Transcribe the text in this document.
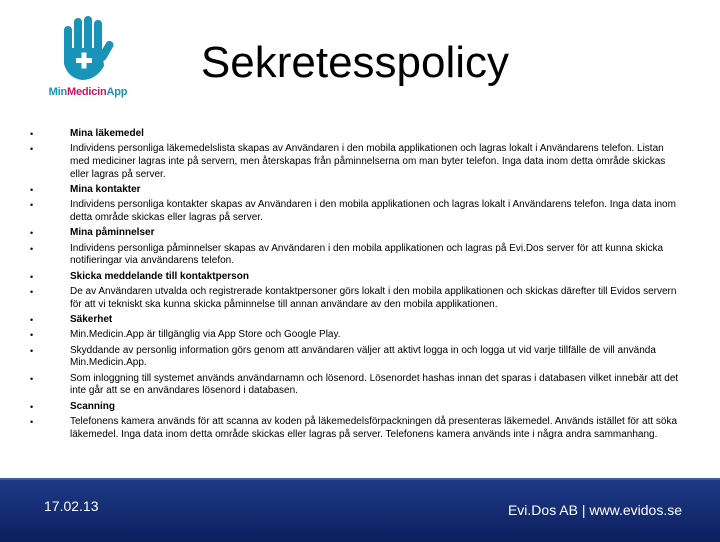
MinMedicinApp
Sekretesspolicy
•	Mina läkemedel
•	Individens personliga läkemedelslista skapas av Användaren i den mobila applikationen och lagras lokalt i Användarens telefon. Listan med mediciner lagras inte på servern, men återskapas från påminnelserna om man byter telefon. Inga data inom detta område skickas eller lagras på server.
•	Mina kontakter
•	Individens personliga kontakter skapas av Användaren i den mobila applikationen och lagras lokalt i Användarens telefon. Inga data inom detta område skickas eller lagras på server.
•	Mina påminnelser
•	Individens personliga påminnelser skapas av Användaren i den mobila applikationen och lagras på Evi.Dos server för att kunna skicka notifieringar via användarens telefon.
•	Skicka meddelande till kontaktperson
•	De av Användaren utvalda och registrerade kontaktpersoner görs lokalt i den mobila applikationen och skickas därefter till Evidos servern för att vi tekniskt ska kunna skicka påminnelse till annan användare av den mobila applikationen.
•	Säkerhet
•	Min.Medicin.App är tillgänglig via App Store och Google Play.
•	Skyddande av personlig information görs genom att användaren väljer att aktivt logga in och logga ut vid varje tillfälle de vill använda Min.Medicin.App.
•	Som inloggning till systemet används användarnamn och lösenord. Lösenordet hashas innan det sparas i databasen vilket innebär att det inte går att se en användares lösenord i databasen.
•	Scanning
•	Telefonens kamera används för att scanna av koden på läkemedelsförpackningen då presenteras läkemedel. Används istället för att söka läkemedel. Inga data inom detta område skickas eller lagras på server. Telefonens kamera används inte i några andra sammanhang.
17.02.13	Evi.Dos AB | www.evidos.se
